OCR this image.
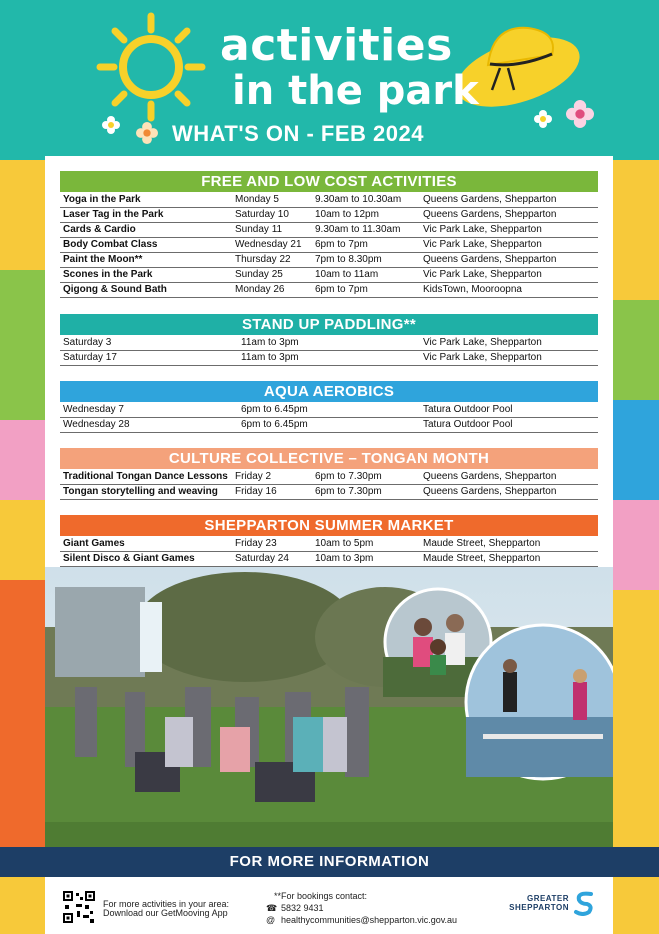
activities
in the park
WHAT'S ON - FEB 2024
FREE AND LOW COST ACTIVITIES
Yoga in the Park	Monday 5	9.30am to 10.30am	Queens Gardens, Shepparton
Laser Tag in the Park	Saturday 10	10am to 12pm	Queens Gardens, Shepparton
Cards & Cardio	Sunday 11	9.30am to 11.30am	Vic Park Lake, Shepparton
Body Combat Class	Wednesday 21	6pm to 7pm	Vic Park Lake, Shepparton
Paint the Moon**	Thursday 22	7pm to 8.30pm	Queens Gardens, Shepparton
Scones in the Park	Sunday 25	10am to 11am	Vic Park Lake, Shepparton
Qigong & Sound Bath	Monday 26	6pm to 7pm	KidsTown, Mooroopna
STAND UP PADDLING**
Saturday 3	11am to 3pm	Vic Park Lake, Shepparton
Saturday 17	11am to 3pm	Vic Park Lake, Shepparton
AQUA AEROBICS
Wednesday 7	6pm to 6.45pm	Tatura Outdoor Pool
Wednesday 28	6pm to 6.45pm	Tatura Outdoor Pool
CULTURE COLLECTIVE – TONGAN MONTH
Traditional Tongan Dance Lessons	Friday 2	6pm to 7.30pm	Queens Gardens, Shepparton
Tongan storytelling and weaving	Friday 16	6pm to 7.30pm	Queens Gardens, Shepparton
SHEPPARTON SUMMER MARKET
Giant Games	Friday 23	10am to 5pm	Maude Street, Shepparton
Silent Disco & Giant Games	Saturday 24	10am to 3pm	Maude Street, Shepparton
FOR MORE INFORMATION
For more activities in your area:
Download our GetMooving App
**For bookings contact:
☎ 5832 9431
@ healthycommunities@shepparton.vic.gov.au
GREATER
SHEPPARTON
